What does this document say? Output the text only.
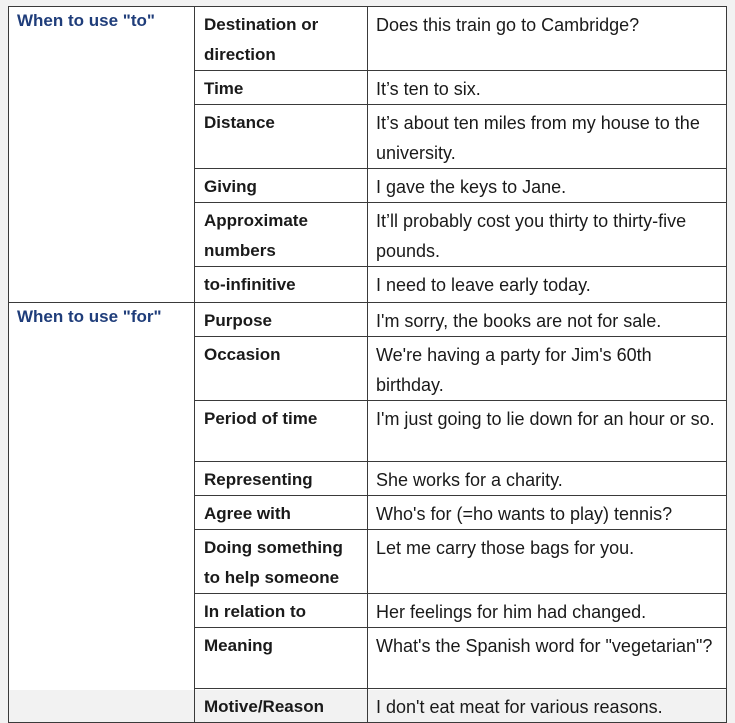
When to use "to"	Destination or direction	Does this train go to Cambridge?
	Time	It’s ten to six.
	Distance	It’s about ten miles from my house to the university.
	Giving	I gave the keys to Jane.
	Approximate numbers	It’ll probably cost you thirty to thirty-five pounds.
	to-infinitive	I need to leave early today.
When to use "for"	Purpose	I'm sorry, the books are not for sale.
	Occasion	We're having a party for Jim's 60th birthday.
	Period of time	I'm just going to lie down for an hour or so.
	Representing	She works for a charity.
	Agree with	Who's for (=ho wants to play) tennis?
	Doing something to help someone	Let me carry those bags for you.
	In relation to	Her feelings for him had changed.
	Meaning	What's the Spanish word for "vegetarian"?
	Motive/Reason	I don't eat meat for various reasons.
